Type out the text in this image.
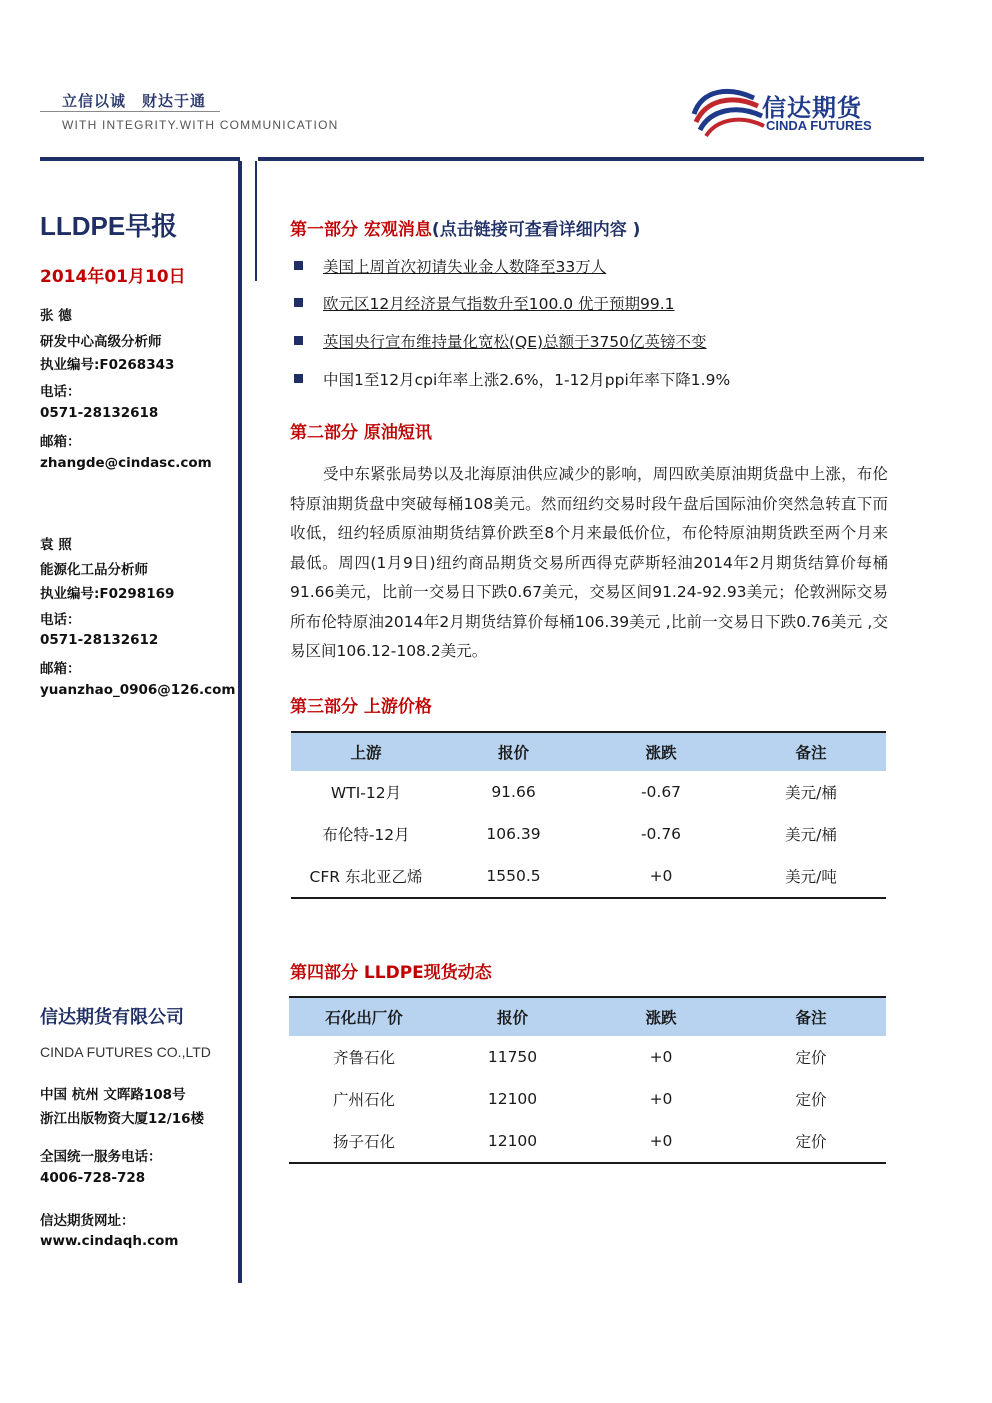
立信以诚　财达于通
WITH INTEGRITY.WITH COMMUNICATION
信达期货
CINDA FUTURES
LLDPE早报
2014年01月10日
张 德
研发中心高级分析师
执业编号:F0268343
电话：
0571-28132618
邮箱：
zhangde@cindasc.com
袁 照
能源化工品分析师
执业编号:F0298169
电话：
0571-28132612
邮箱：
yuanzhao_0906@126.com
信达期货有限公司
CINDA FUTURES CO.,LTD
中国 杭州 文晖路108号
浙江出版物资大厦12/16楼
全国统一服务电话：
4006-728-728
信达期货网址：
www.cindaqh.com
第一部分 宏观消息(点击链接可查看详细内容 )
美国上周首次初请失业金人数降至33万人
欧元区12月经济景气指数升至100.0 优于预期99.1
英国央行宣布维持量化宽松(QE)总额于3750亿英镑不变
中国1至12月cpi年率上涨2.6%，1-12月ppi年率下降1.9%
第二部分 原油短讯
受中东紧张局势以及北海原油供应减少的影响，周四欧美原油期货盘中上涨，布伦特原油期货盘中突破每桶108美元。然而纽约交易时段午盘后国际油价突然急转直下而收低，纽约轻质原油期货结算价跌至8个月来最低价位，布伦特原油期货跌至两个月来最低。周四(1月9日)纽约商品期货交易所西得克萨斯轻油2014年2月期货结算价每桶91.66美元，比前一交易日下跌0.67美元，交易区间91.24-92.93美元；伦敦洲际交易所布伦特原油2014年2月期货结算价每桶106.39美元 ,比前一交易日下跌0.76美元 ,交易区间106.12-108.2美元。
第三部分 上游价格
上游	报价	涨跌	备注
WTI-12月	91.66	-0.67	美元/桶
布伦特-12月	106.39	-0.76	美元/桶
CFR 东北亚乙烯	1550.5	+0	美元/吨
第四部分 LLDPE现货动态
石化出厂价	报价	涨跌	备注
齐鲁石化	11750	+0	定价
广州石化	12100	+0	定价
扬子石化	12100	+0	定价
